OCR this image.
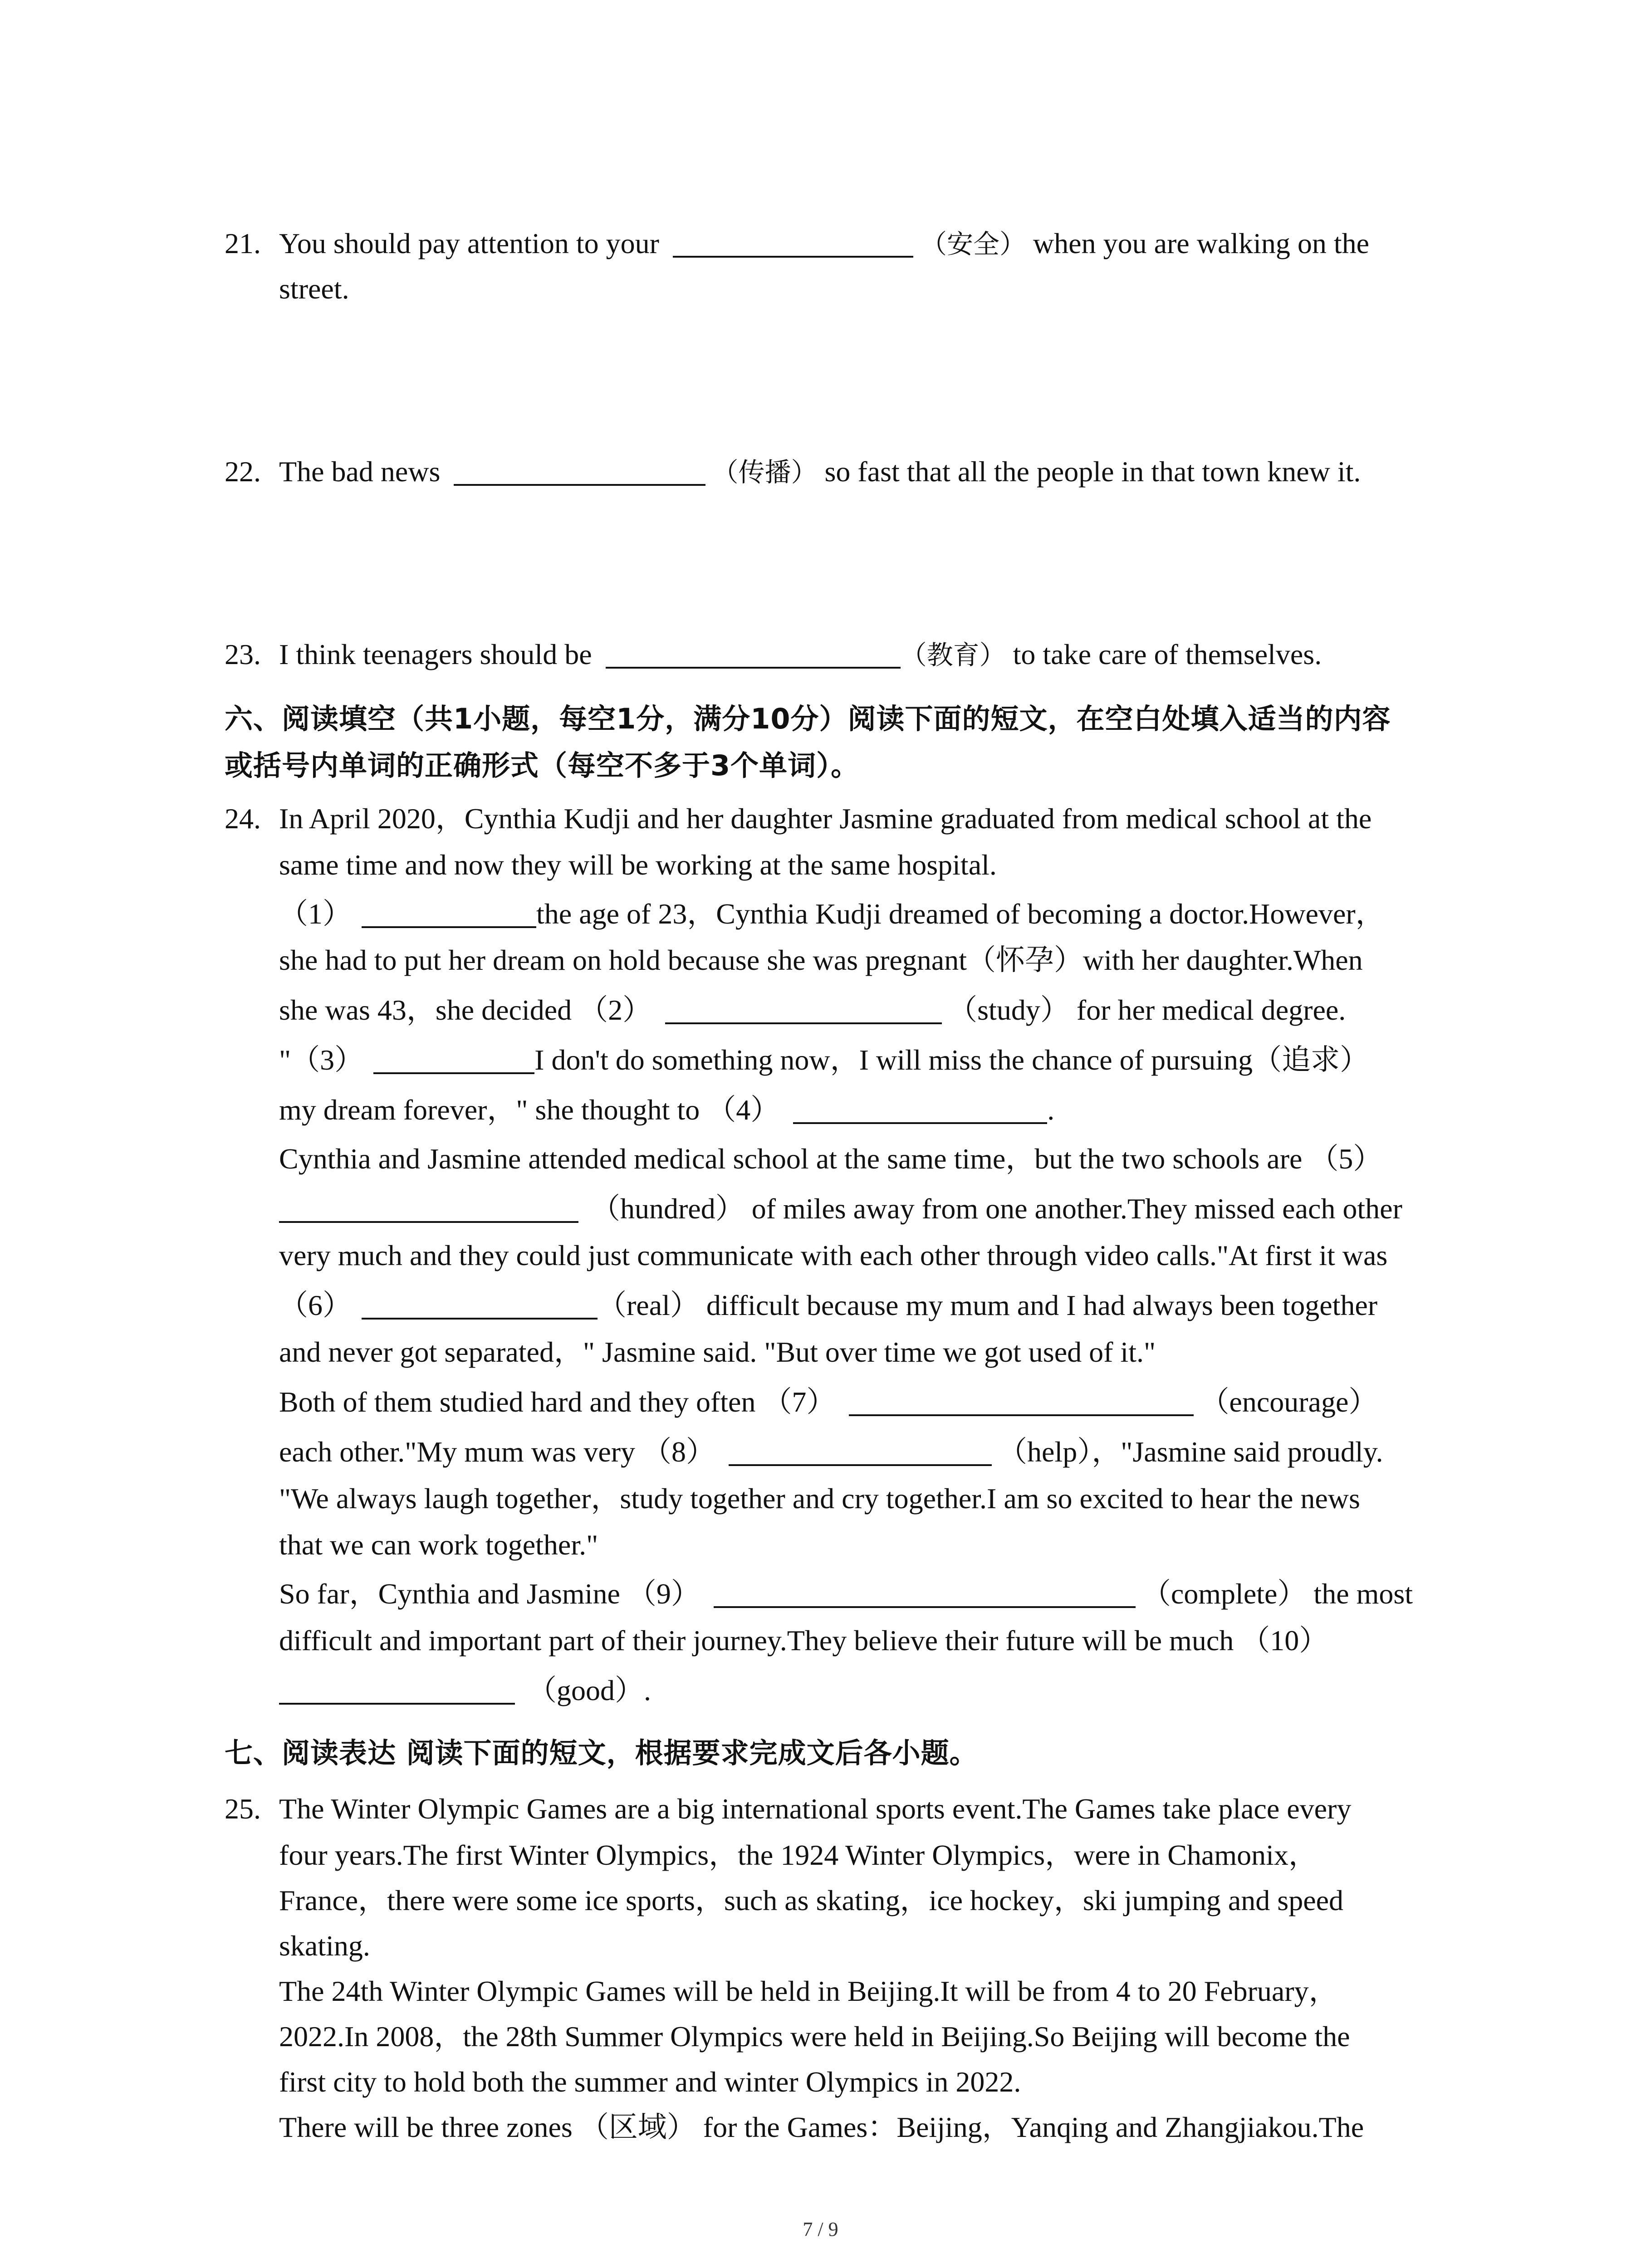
21. You should pay attention to your	（安全） when you are walking on the
street.
22. The bad news	（传播） so fast that all the people in that town knew it.
23. I think teenagers should be	（教育） to take care of themselves.
六、阅读填空（共1小题，每空1分，满分10分）阅读下面的短文，在空白处填入适当的内容
或括号内单词的正确形式（每空不多于3个单词）。
24. In April 2020，Cynthia Kudji and her daughter Jasmine graduated from medical school at the
same time and now they will be working at the same hospital.
（1）	the age of 23，Cynthia Kudji dreamed of becoming a doctor.However，
she had to put her dream on hold because she was pregnant（怀孕）with her daughter.When
she was 43，she decided （2）	（study） for her medical degree.
"（3）	I don't do something now，I will miss the chance of pursuing（追求）
my dream forever，" she thought to （4）	.
Cynthia and Jasmine attended medical school at the same time，but the two schools are （5）
（hundred） of miles away from one another.They missed each other
very much and they could just communicate with each other through video calls."At first it was
（6）	（real） difficult because my mum and I had always been together
and never got separated，" Jasmine said. "But over time we got used of it."
Both of them studied hard and they often （7）	（encourage）
each other."My mum was very （8）	（help），"Jasmine said proudly.
"We always laugh together，study together and cry together.I am so excited to hear the news
that we can work together."
So far，Cynthia and Jasmine （9）	（complete） the most
difficult and important part of their journey.They believe their future will be much （10）
（good）.
七、阅读表达 阅读下面的短文，根据要求完成文后各小题。
25. The Winter Olympic Games are a big international sports event.The Games take place every
four years.The first Winter Olympics，the 1924 Winter Olympics，were in Chamonix，
France，there were some ice sports，such as skating，ice hockey，ski jumping and speed
skating.
The 24th Winter Olympic Games will be held in Beijing.It will be from 4 to 20 February，
2022.In 2008，the 28th Summer Olympics were held in Beijing.So Beijing will become the
first city to hold both the summer and winter Olympics in 2022.
There will be three zones （区域） for the Games：Beijing，Yanqing and Zhangjiakou.The
7 / 9
